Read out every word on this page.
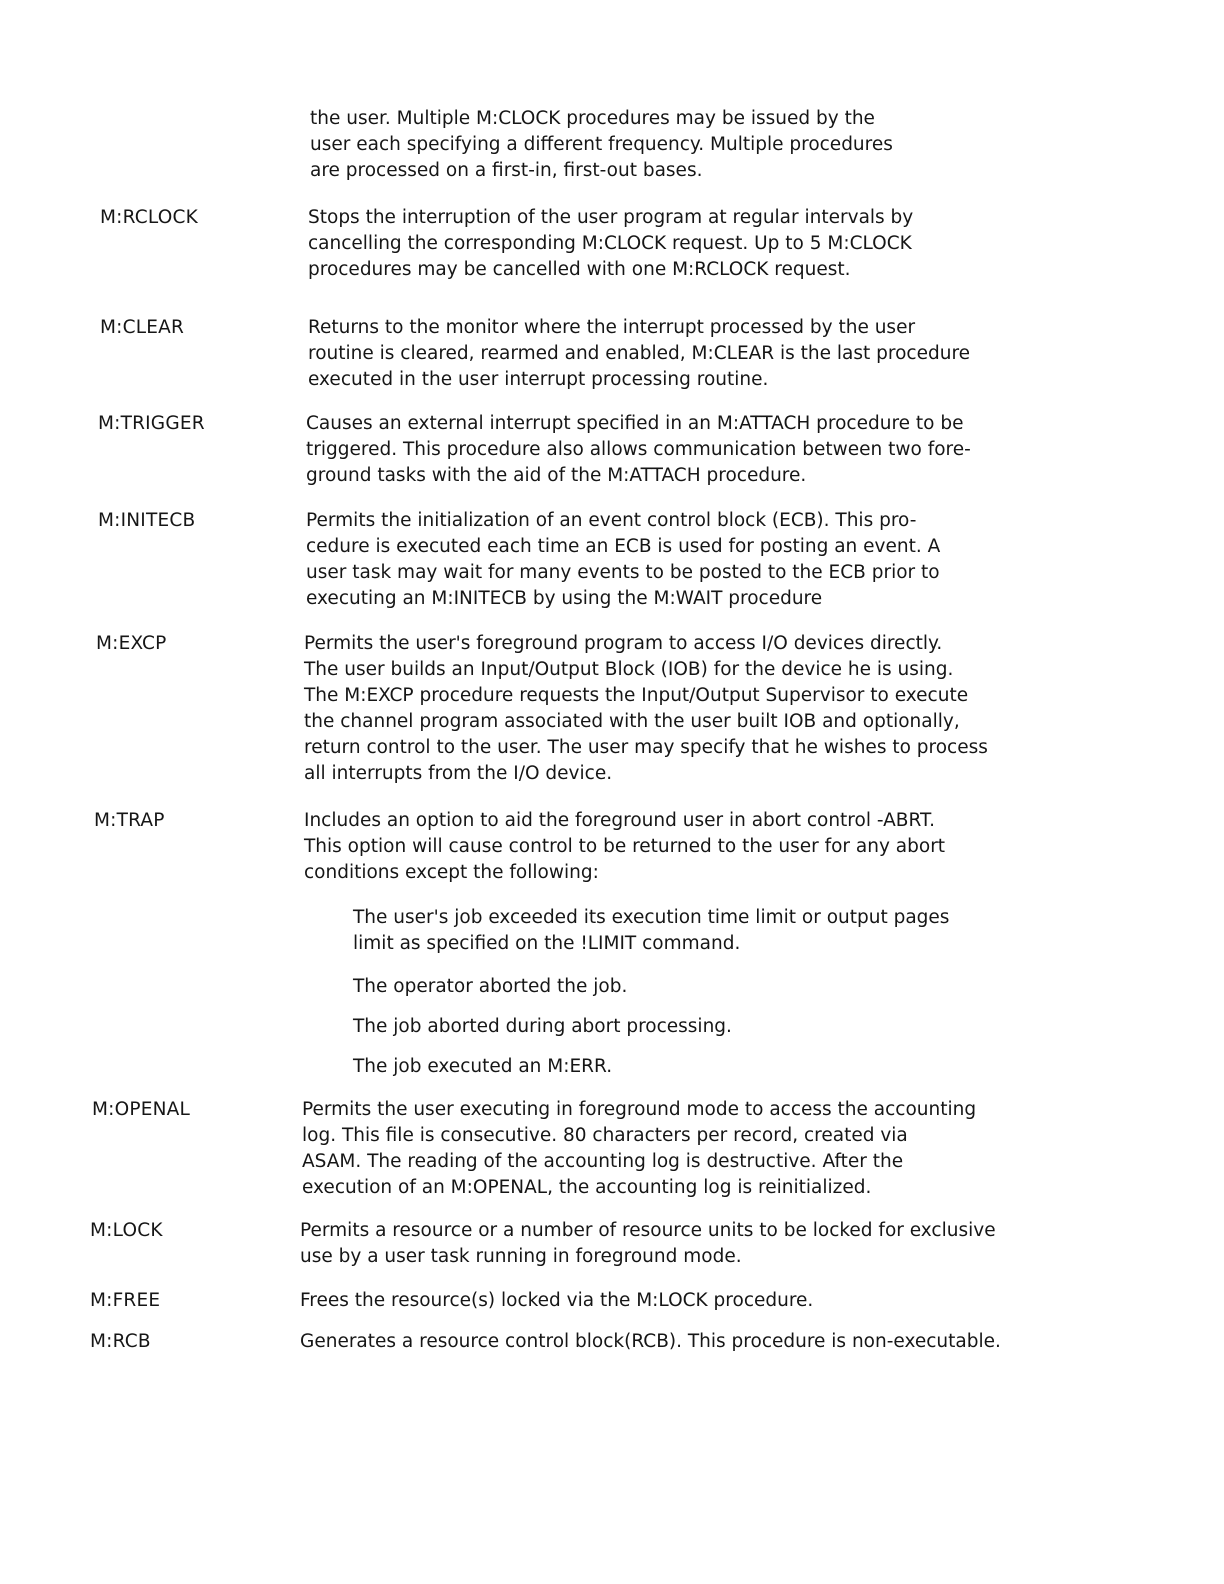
the user. Multiple M:CLOCK procedures may be issued by the
user each specifying a different frequency. Multiple procedures
are processed on a first-in, first-out bases.
M:RCLOCK	Stops the interruption of the user program at regular intervals by
cancelling the corresponding M:CLOCK request. Up to 5 M:CLOCK
procedures may be cancelled with one M:RCLOCK request.
M:CLEAR	Returns to the monitor where the interrupt processed by the user
routine is cleared, rearmed and enabled, M:CLEAR is the last procedure
executed in the user interrupt processing routine.
M:TRIGGER	Causes an external interrupt specified in an M:ATTACH procedure to be
triggered. This procedure also allows communication between two fore-
ground tasks with the aid of the M:ATTACH procedure.
M:INITECB	Permits the initialization of an event control block (ECB). This pro-
cedure is executed each time an ECB is used for posting an event. A
user task may wait for many events to be posted to the ECB prior to
executing an M:INITECB by using the M:WAIT procedure
M:EXCP	Permits the user's foreground program to access I/O devices directly.
The user builds an Input/Output Block (IOB) for the device he is using.
The M:EXCP procedure requests the Input/Output Supervisor to execute
the channel program associated with the user built IOB and optionally,
return control to the user. The user may specify that he wishes to process
all interrupts from the I/O device.
M:TRAP	Includes an option to aid the foreground user in abort control -ABRT.
This option will cause control to be returned to the user for any abort
conditions except the following:
The user's job exceeded its execution time limit or output pages
limit as specified on the !LIMIT command.
The operator aborted the job.
The job aborted during abort processing.
The job executed an M:ERR.
M:OPENAL	Permits the user executing in foreground mode to access the accounting
log. This file is consecutive. 80 characters per record, created via
ASAM. The reading of the accounting log is destructive. After the
execution of an M:OPENAL, the accounting log is reinitialized.
M:LOCK	Permits a resource or a number of resource units to be locked for exclusive
use by a user task running in foreground mode.
M:FREE	Frees the resource(s) locked via the M:LOCK procedure.
M:RCB	Generates a resource control block(RCB). This procedure is non-executable.
